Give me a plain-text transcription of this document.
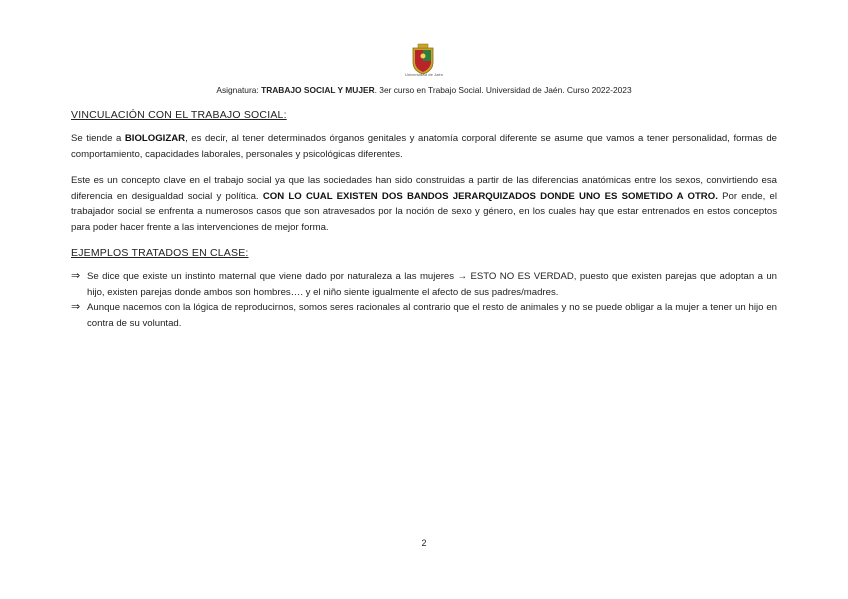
Universidad de Jaén
Asignatura: TRABAJO SOCIAL Y MUJER. 3er curso en Trabajo Social. Universidad de Jaén. Curso 2022-2023
VINCULACIÓN CON EL TRABAJO SOCIAL:

Se tiende a BIOLOGIZAR, es decir, al tener determinados órganos genitales y anatomía corporal diferente se asume que vamos a tener personalidad, formas de comportamiento, capacidades laborales, personales y psicológicas diferentes.

Este es un concepto clave en el trabajo social ya que las sociedades han sido construidas a partir de las diferencias anatómicas entre los sexos, convirtiendo esa diferencia en desigualdad social y política. CON LO CUAL EXISTEN DOS BANDOS JERARQUIZADOS DONDE UNO ES SOMETIDO A OTRO. Por ende, el trabajador social se enfrenta a numerosos casos que son atravesados por la noción de sexo y género, en los cuales hay que estar entrenados en estos conceptos para poder hacer frente a las intervenciones de mejor forma.

EJEMPLOS TRATADOS EN CLASE:
⇒ Se dice que existe un instinto maternal que viene dado por naturaleza a las mujeres → ESTO NO ES VERDAD, puesto que existen parejas que adoptan a un hijo, existen parejas donde ambos son hombres…. y el niño siente igualmente el afecto de sus padres/madres.
⇒ Aunque nacemos con la lógica de reproducirnos, somos seres racionales al contrario que el resto de animales y no se puede obligar a la mujer a tener un hijo en contra de su voluntad.
2
